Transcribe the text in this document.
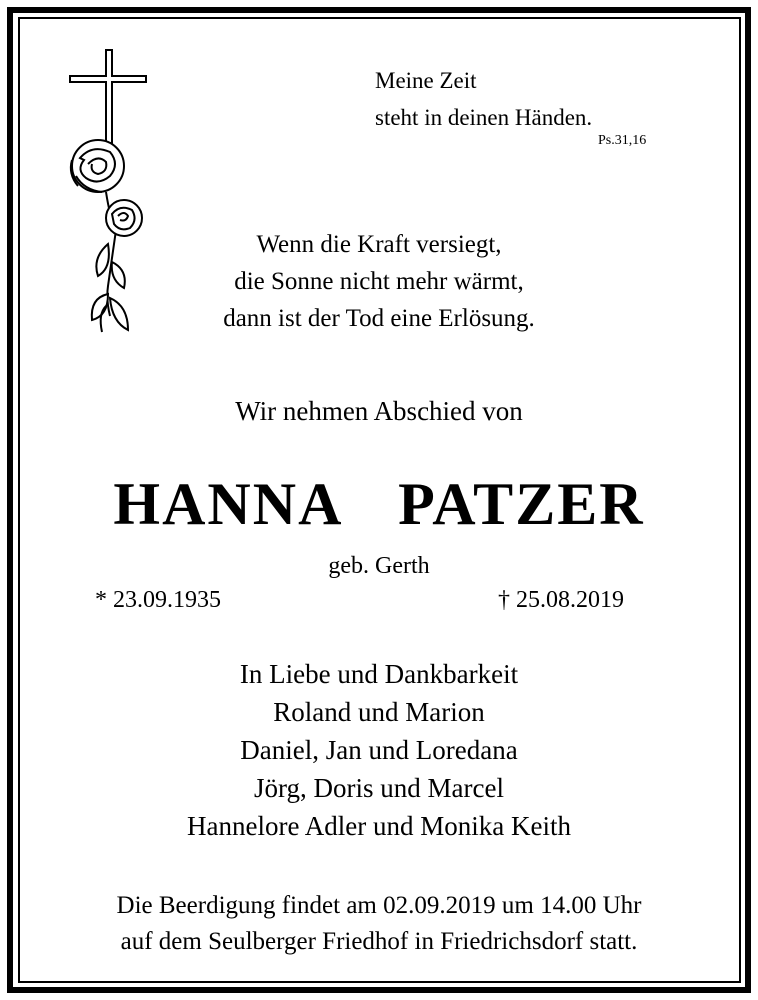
Meine Zeit
steht in deinen Händen.
Ps.31,16
Wenn die Kraft versiegt,
die Sonne nicht mehr wärmt,
dann ist der Tod eine Erlösung.
Wir nehmen Abschied von
HANNA  PATZER
geb. Gerth
* 23.09.1935	† 25.08.2019
In Liebe und Dankbarkeit
Roland und Marion
Daniel, Jan und Loredana
Jörg, Doris und Marcel
Hannelore Adler und Monika Keith
Die Beerdigung findet am 02.09.2019 um 14.00 Uhr
auf dem Seulberger Friedhof in Friedrichsdorf statt.
